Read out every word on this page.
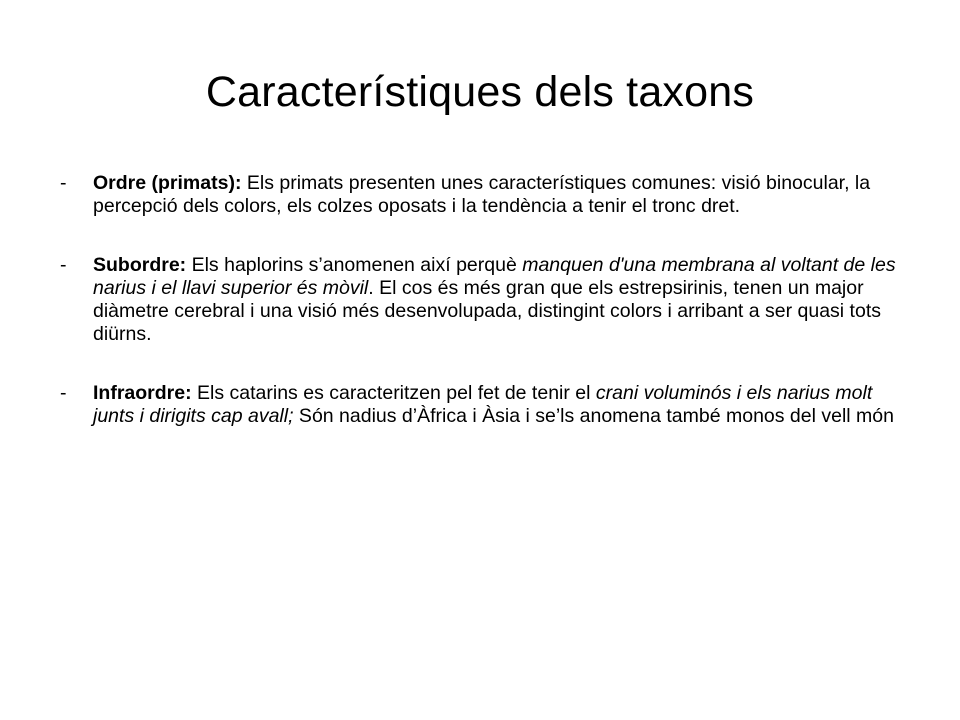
Característiques dels taxons
- Ordre (primats): Els primats presenten unes característiques comunes: visió binocular, la percepció dels colors, els colzes oposats i la tendència a tenir el tronc dret.
- Subordre: Els haplorins s’anomenen així perquè manquen d'una membrana al voltant de les narius i el llavi superior és mòvil. El cos és més gran que els estrepsirinis, tenen un major diàmetre cerebral i una visió més desenvolupada, distingint colors i arribant a ser quasi tots diürns.
- Infraordre: Els catarins es caracteritzen pel fet de tenir el crani voluminós i els narius molt junts i dirigits cap avall; Són nadius d’Àfrica i Àsia i se’ls anomena també monos del vell món
